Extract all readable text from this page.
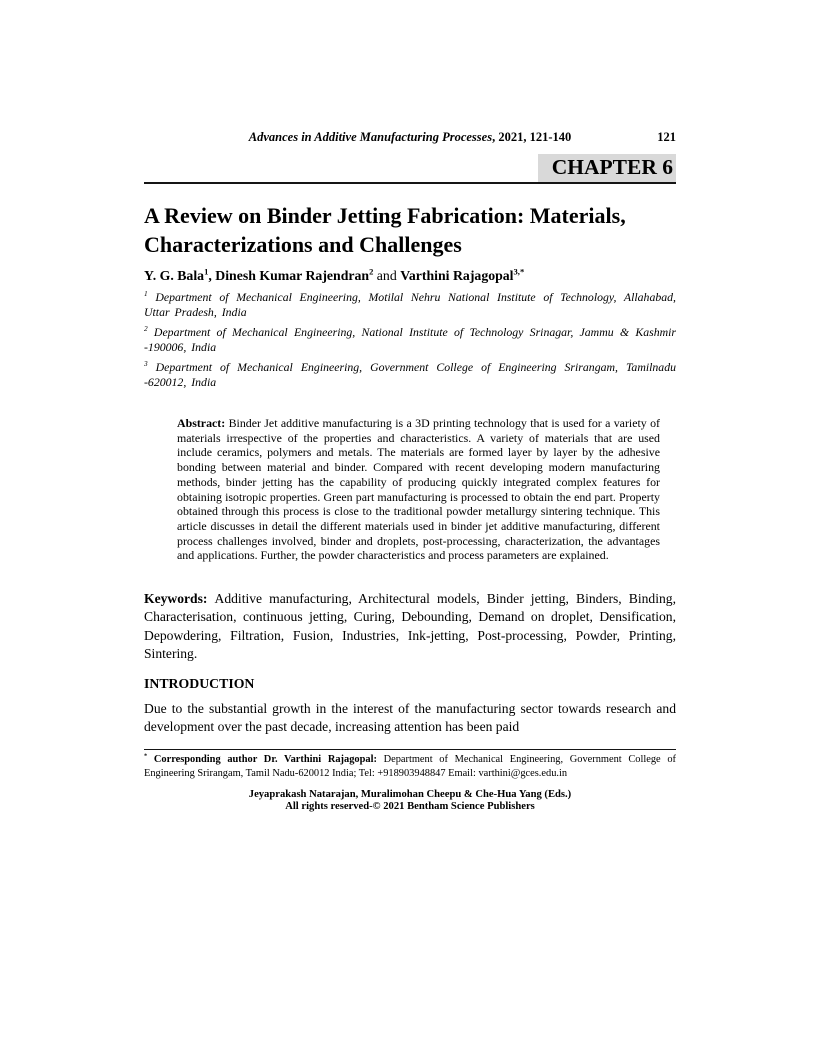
Advances in Additive Manufacturing Processes, 2021, 121-140	121
CHAPTER 6
A Review on Binder Jetting Fabrication: Materials,
Characterizations and Challenges
Y. G. Bala$^1$, Dinesh Kumar Rajendran$^2$ and Varthini Rajagopal$^{3,*}$
$^1$ Department of Mechanical Engineering, Motilal Nehru National Institute of Technology, Allahabad, Uttar Pradesh, India
$^2$ Department of Mechanical Engineering, National Institute of Technology Srinagar, Jammu & Kashmir -190006, India
$^3$ Department of Mechanical Engineering, Government College of Engineering Srirangam, Tamilnadu -620012, India
Abstract: Binder Jet additive manufacturing is a 3D printing technology that is used for a variety of materials irrespective of the properties and characteristics. A variety of materials that are used include ceramics, polymers and metals. The materials are formed layer by layer by the adhesive bonding between material and binder. Compared with recent developing modern manufacturing methods, binder jetting has the capability of producing quickly integrated complex features for obtaining isotropic properties. Green part manufacturing is processed to obtain the end part. Property obtained through this process is close to the traditional powder metallurgy sintering technique. This article discusses in detail the different materials used in binder jet additive manufacturing, different process challenges involved, binder and droplets, post-processing, characterization, the advantages and applications. Further, the powder characteristics and process parameters are explained.
Keywords: Additive manufacturing, Architectural models, Binder jetting, Binders, Binding, Characterisation, continuous jetting, Curing, Debounding, Demand on droplet, Densification, Depowdering, Filtration, Fusion, Industries, Ink-jetting, Post-processing, Powder, Printing, Sintering.
INTRODUCTION
Due to the substantial growth in the interest of the manufacturing sector towards research and development over the past decade, increasing attention has been paid
* Corresponding author Dr. Varthini Rajagopal: Department of Mechanical Engineering, Government College of Engineering Srirangam, Tamil Nadu-620012 India; Tel: +918903948847 Email: varthini@gces.edu.in
Jeyaprakash Natarajan, Muralimohan Cheepu & Che-Hua Yang (Eds.)
All rights reserved-© 2021 Bentham Science Publishers
